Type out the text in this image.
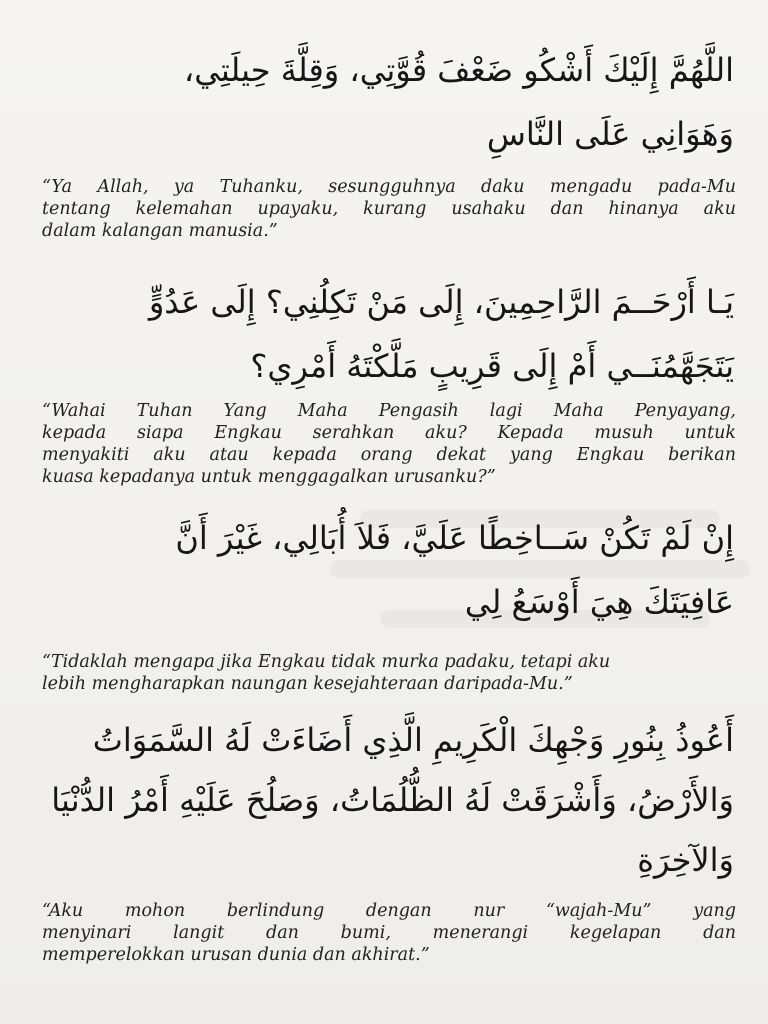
اللَّهُمَّ إِلَيْكَ أَشْكُو ضَعْفَ قُوَّتِي، وَقِلَّةَ حِيلَتِي،
وَهَوَانِي عَلَى النَّاسِ
“Ya Allah, ya Tuhanku, sesungguhnya daku mengadu pada-Mu
tentang kelemahan upayaku, kurang usahaku dan hinanya aku
dalam kalangan manusia.”
يَـا أَرْحَــمَ الرَّاحِمِينَ، إِلَى مَنْ تَكِلُنِي؟ إِلَى عَدُوٍّ
يَتَجَهَّمُنَــي أَمْ إِلَى قَرِيبٍ مَلَّكْتَهُ أَمْرِي؟
“Wahai Tuhan Yang Maha Pengasih lagi Maha Penyayang,
kepada siapa Engkau serahkan aku? Kepada musuh untuk
menyakiti aku atau kepada orang dekat yang Engkau berikan
kuasa kepadanya untuk menggagalkan urusanku?”
إِنْ لَمْ تَكُنْ سَــاخِطًا عَلَيَّ، فَلاَ أُبَالِي، غَيْرَ أَنَّ
عَافِيَتَكَ هِيَ أَوْسَعُ لِي
“Tidaklah mengapa jika Engkau tidak murka padaku, tetapi aku
lebih mengharapkan naungan kesejahteraan daripada-Mu.”
أَعُوذُ بِنُورِ وَجْهِكَ الْكَرِيمِ الَّذِي أَضَاءَتْ لَهُ السَّمَوَاتُ
وَالأَرْضُ، وَأَشْرَقَتْ لَهُ الظُّلُمَاتُ، وَصَلُحَ عَلَيْهِ أَمْرُ الدُّنْيَا
وَالآخِرَةِ
“Aku mohon berlindung dengan nur “wajah-Mu” yang
menyinari langit dan bumi, menerangi kegelapan dan
memperelokkan urusan dunia dan akhirat.”
